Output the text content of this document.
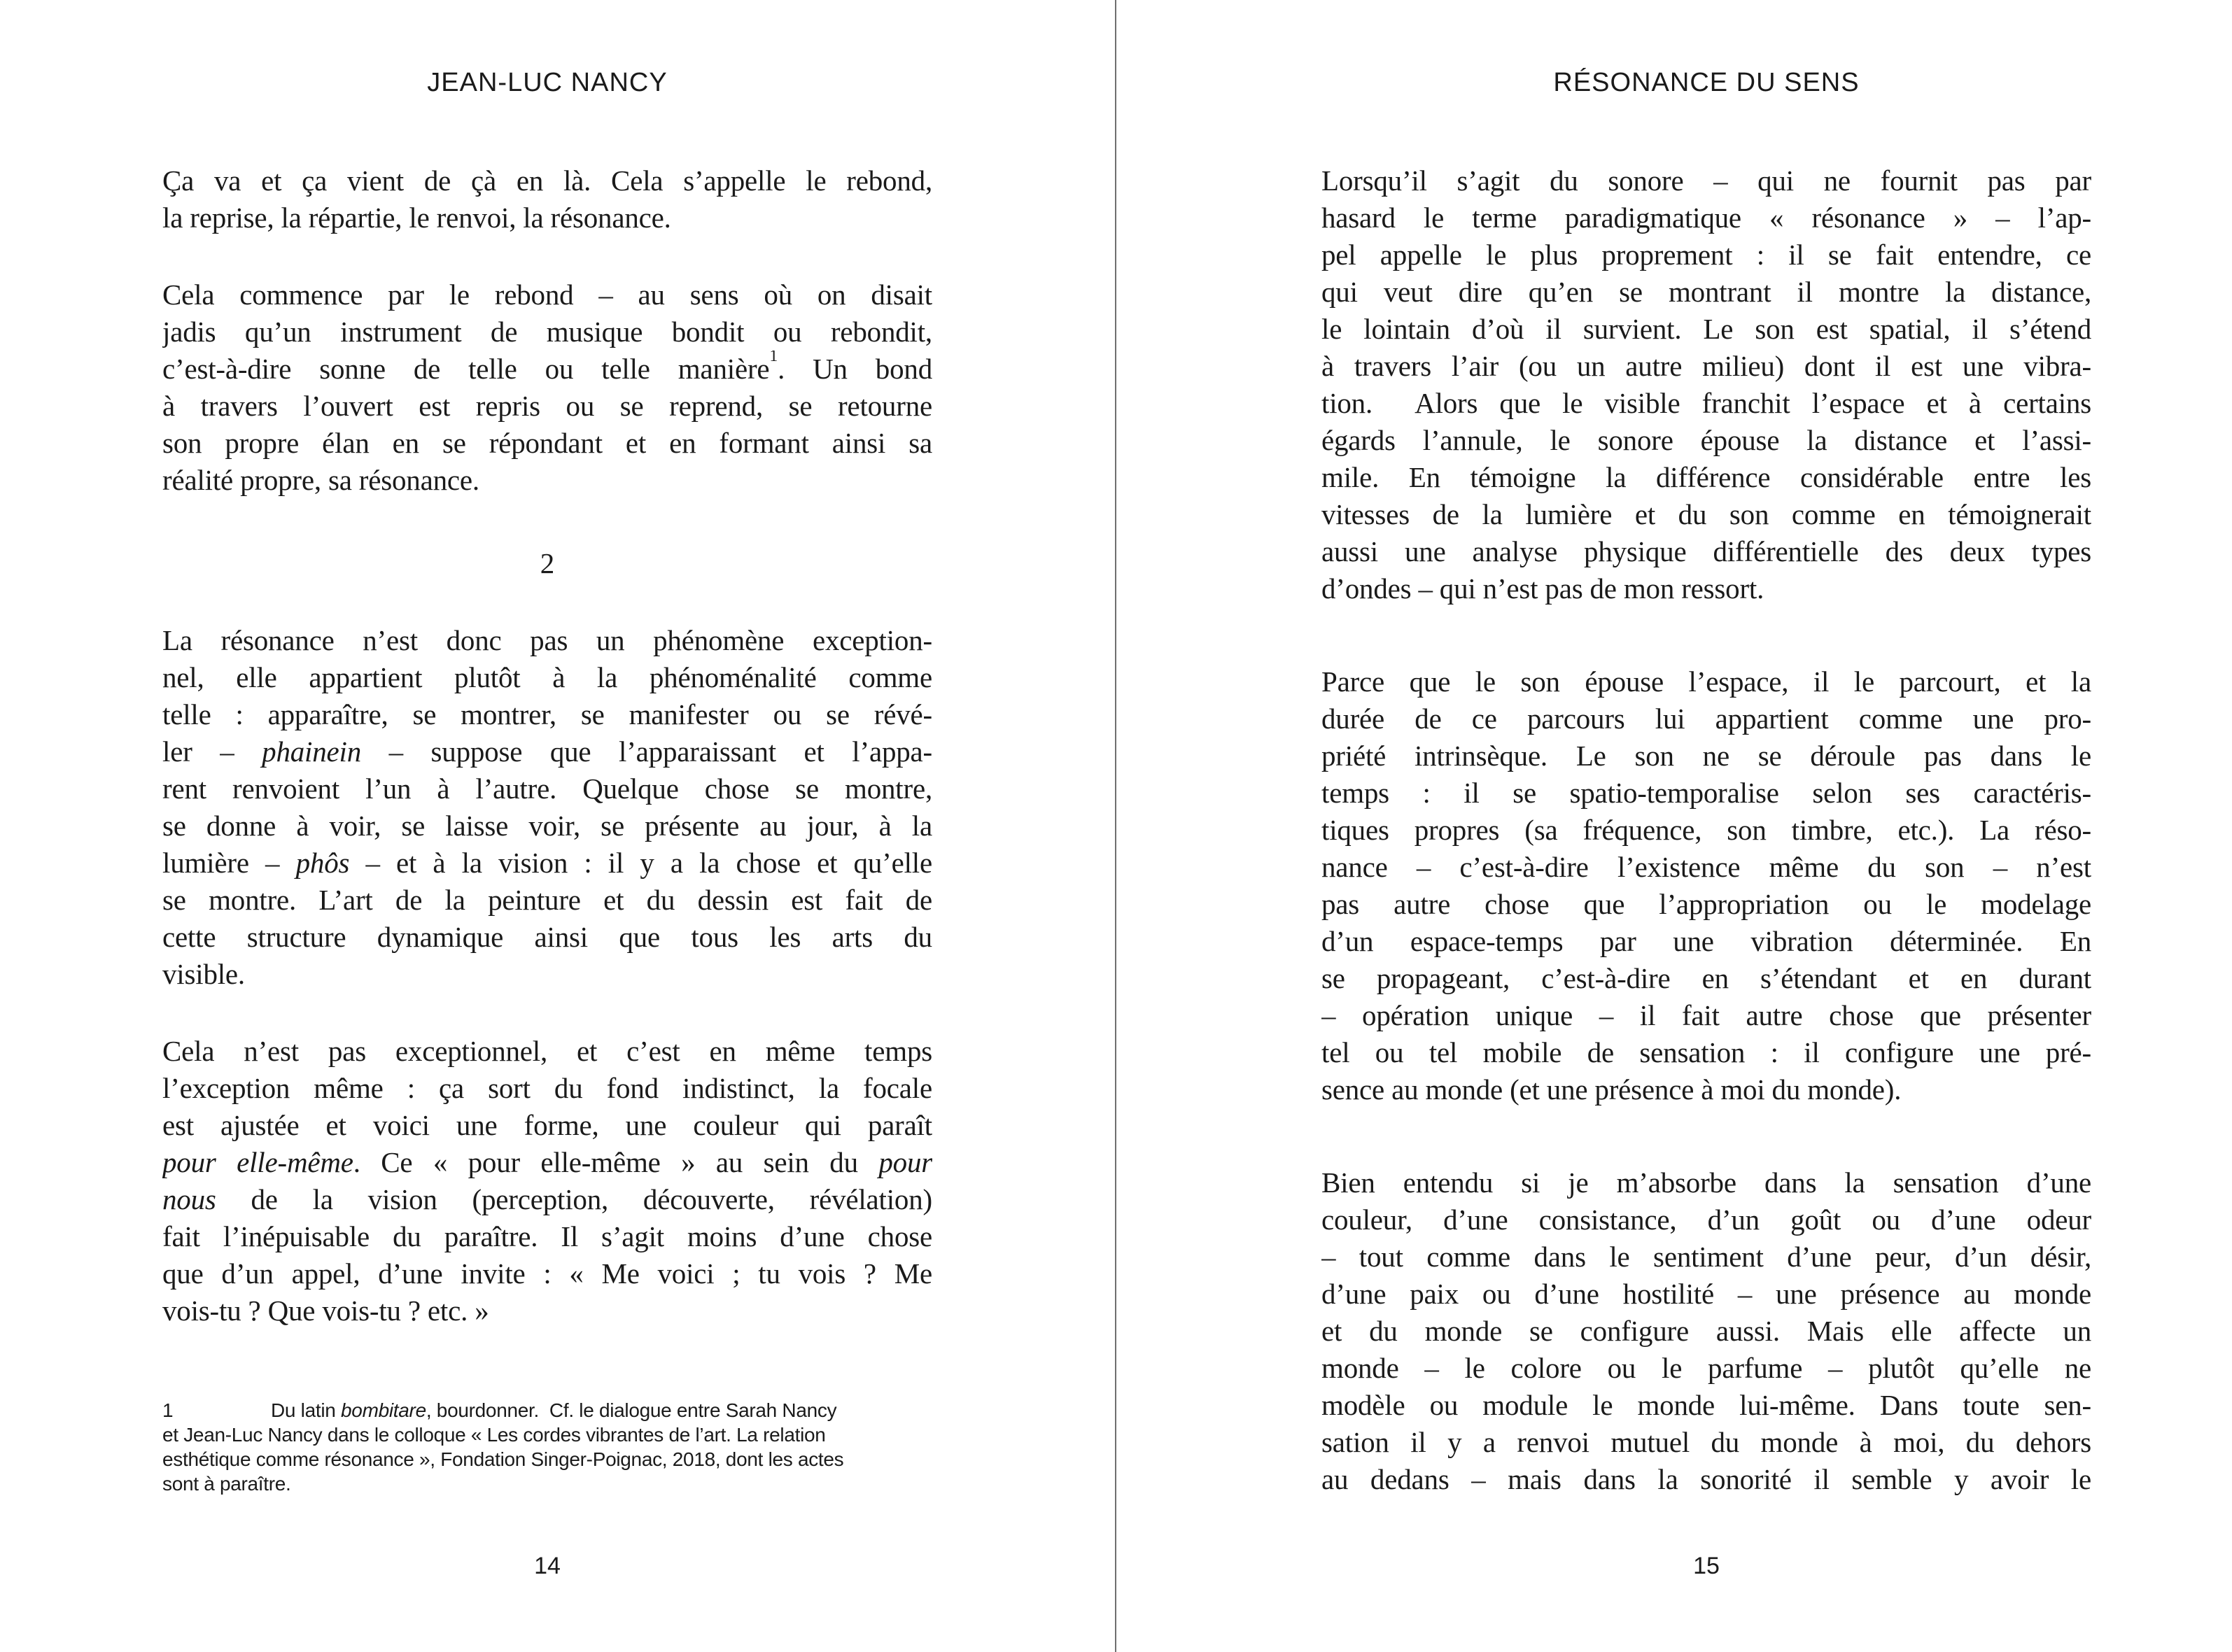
JEAN-LUC NANCY
Ça va et ça vient de çà en là. Cela s’appelle le rebond,
la reprise, la répartie, le renvoi, la résonance.
Cela commence par le rebond – au sens où on disait
jadis qu’un instrument de musique bondit ou rebondit,
c’est-à-dire sonne de telle ou telle manière$^1$. Un bond
à travers l’ouvert est repris ou se reprend, se retourne
son propre élan en se répondant et en formant ainsi sa
réalité propre, sa résonance.
2
La résonance n’est donc pas un phénomène exception-
nel, elle appartient plutôt à la phénoménalité comme
telle : apparaître, se montrer, se manifester ou se révé-
ler – phainein – suppose que l’apparaissant et l’appa-
rent renvoient l’un à l’autre. Quelque chose se montre,
se donne à voir, se laisse voir, se présente au jour, à la
lumière – phôs – et à la vision : il y a la chose et qu’elle
se montre. L’art de la peinture et du dessin est fait de
cette structure dynamique ainsi que tous les arts du
visible.
Cela n’est pas exceptionnel, et c’est en même temps
l’exception même : ça sort du fond indistinct, la focale
est ajustée et voici une forme, une couleur qui paraît
pour elle-même. Ce « pour elle-même » au sein du pour
nous de la vision (perception, découverte, révélation)
fait l’inépuisable du paraître. Il s’agit moins d’une chose
que d’un appel, d’une invite : « Me voici ; tu vois ? Me
vois-tu ? Que vois-tu ? etc. »
1	Du latin bombitare, bourdonner.  Cf. le dialogue entre Sarah Nancy
et Jean-Luc Nancy dans le colloque « Les cordes vibrantes de l’art. La relation
esthétique comme résonance », Fondation Singer-Poignac, 2018, dont les actes
sont à paraître.
14
RÉSONANCE DU SENS
Lorsqu’il s’agit du sonore – qui ne fournit pas par
hasard le terme paradigmatique « résonance » – l’ap-
pel appelle le plus proprement : il se fait entendre, ce
qui veut dire qu’en se montrant il montre la distance,
le lointain d’où il survient. Le son est spatial, il s’étend
à travers l’air (ou un autre milieu) dont il est une vibra-
tion.  Alors que le visible franchit l’espace et à certains
égards l’annule, le sonore épouse la distance et l’assi-
mile. En témoigne la différence considérable entre les
vitesses de la lumière et du son comme en témoignerait
aussi une analyse physique différentielle des deux types
d’ondes – qui n’est pas de mon ressort.
Parce que le son épouse l’espace, il le parcourt, et la
durée de ce parcours lui appartient comme une pro-
priété intrinsèque. Le son ne se déroule pas dans le
temps : il se spatio-temporalise selon ses caractéris-
tiques propres (sa fréquence, son timbre, etc.). La réso-
nance – c’est-à-dire l’existence même du son – n’est
pas autre chose que l’appropriation ou le modelage
d’un espace-temps par une vibration déterminée. En
se propageant, c’est-à-dire en s’étendant et en durant
– opération unique – il fait autre chose que présenter
tel ou tel mobile de sensation : il configure une pré-
sence au monde (et une présence à moi du monde).
Bien entendu si je m’absorbe dans la sensation d’une
couleur, d’une consistance, d’un goût ou d’une odeur
– tout comme dans le sentiment d’une peur, d’un désir,
d’une paix ou d’une hostilité – une présence au monde
et du monde se configure aussi. Mais elle affecte un
monde – le colore ou le parfume – plutôt qu’elle ne
modèle ou module le monde lui-même. Dans toute sen-
sation il y a renvoi mutuel du monde à moi, du dehors
au dedans – mais dans la sonorité il semble y avoir le
15
